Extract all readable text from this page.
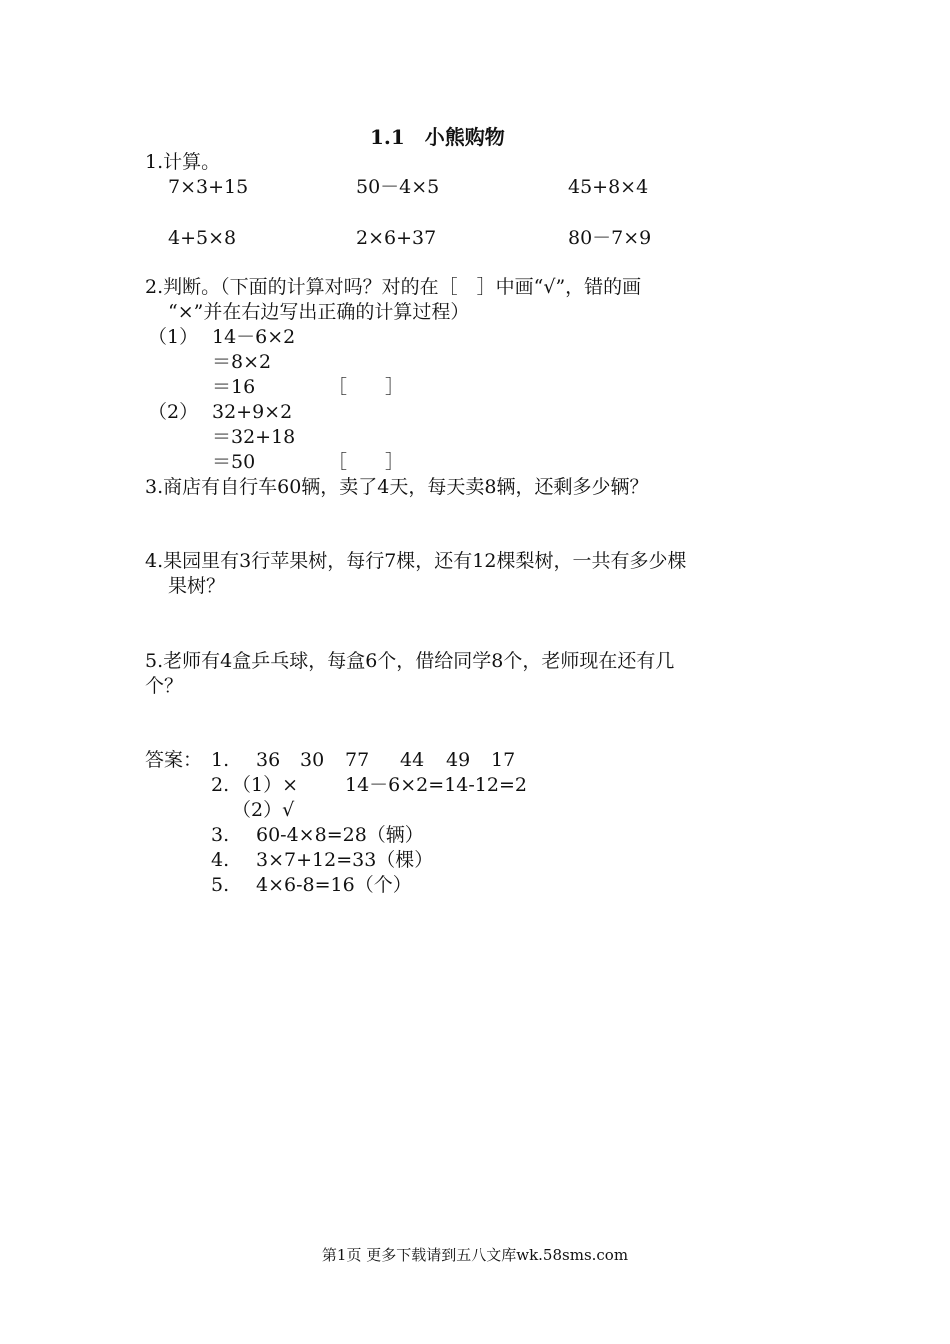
1.1　小熊购物
1.计算。
7×3+15	50－4×5	45+8×4
4+5×8	2×6+37	80－7×9
2.判断。（下面的计算对吗？对的在［　］中画“√”，错的画
“×”并在右边写出正确的计算过程）
（1） 14－6×2
＝8×2
＝16	［　　］
（2） 32+9×2
＝32+18
＝50	［　　］
3.商店有自行车60辆，卖了4天，每天卖8辆，还剩多少辆？
4.果园里有3行苹果树，每行7棵，还有12棵梨树，一共有多少棵
果树？
5.老师有4盒乒乓球，每盒6个，借给同学8个，老师现在还有几
个？
答案： 1. 36 30 77 44 49 17
2. （1）× 14－6×2=14-12=2
（2）√
3. 60-4×8=28（辆）
4. 3×7+12=33（棵）
5. 4×6-8=16（个）
第1页 更多下载请到五八文库wk.58sms.com
